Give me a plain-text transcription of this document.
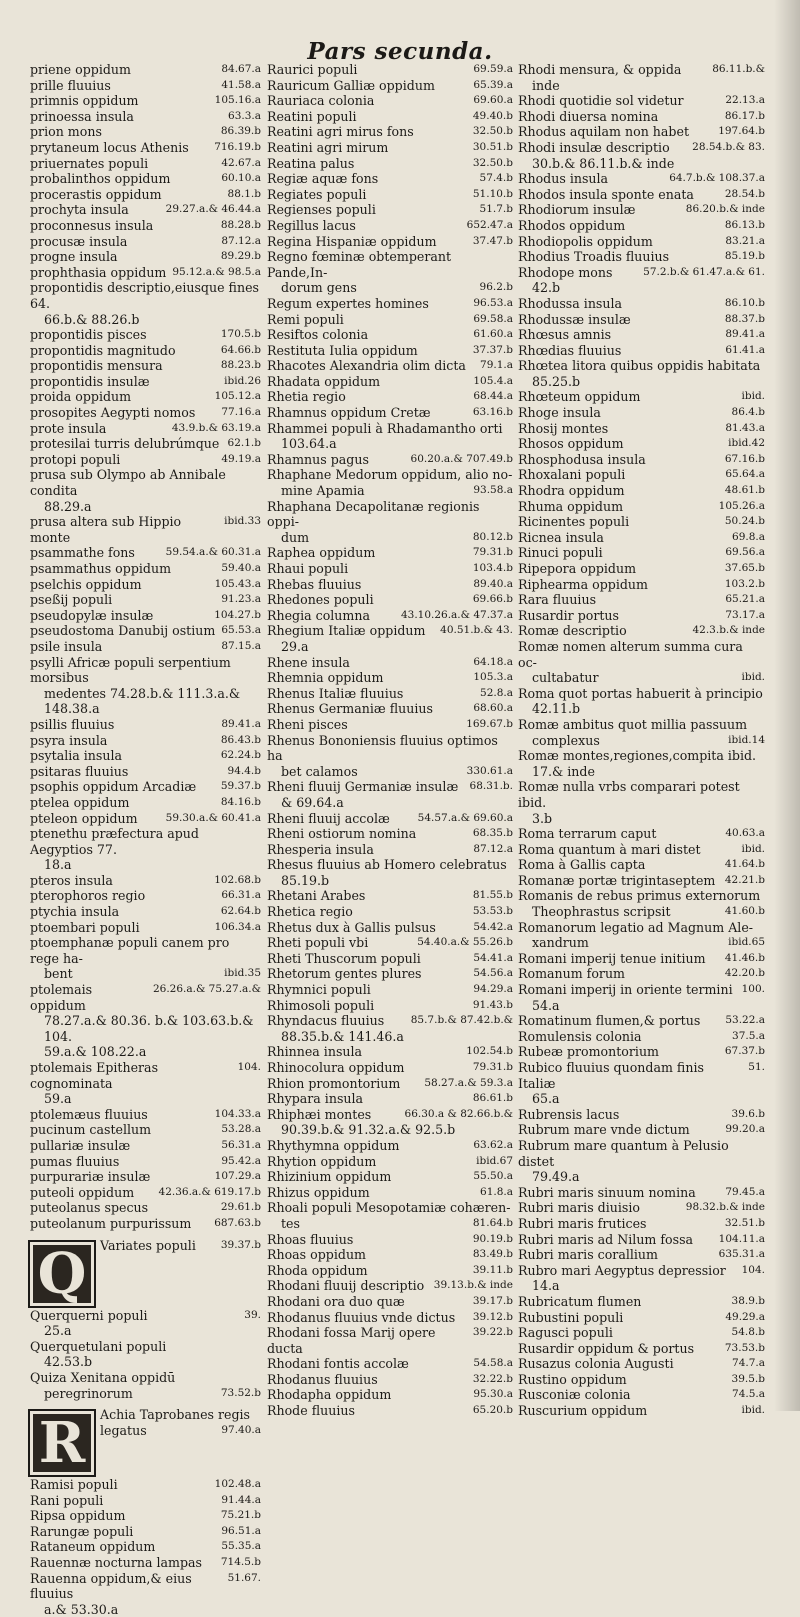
Pars secunda.
84.67.a
priene oppidum
41.58.a
prille fluuius
105.16.a
primnis oppidum
63.3.a
prinoessa insula
86.39.b
prion mons
716.19.b
prytaneum locus Athenis
42.67.a
priuernates populi
60.10.a
probalinthos oppidum
88.1.b
procerastis oppidum
29.27.a.& 46.44.a
prochyta insula
88.28.b
proconnesus insula
87.12.a
procusæ insula
89.29.b
progne insula
95.12.a.& 98.5.a
prophthasia oppidum
propontidis descriptio,eiusque fines 64.
66.b.& 88.26.b
170.5.b
propontidis pisces
64.66.b
propontidis magnitudo
88.23.b
propontidis mensura
ibid.26
propontidis insulæ
105.12.a
proida oppidum
77.16.a
prosopites Aegypti nomos
43.9.b.& 63.19.a
prote insula
62.1.b
protesilai turris delubrúmque
49.19.a
protopi populi
prusa sub Olympo ab Annibale condita
88.29.a
ibid.33
prusa altera sub Hippio monte
59.54.a.& 60.31.a
psammathe fons
59.40.a
psammathus oppidum
105.43.a
pselchis oppidum
91.23.a
pseßij populi
104.27.b
pseudopylæ insulæ
65.53.a
pseudostoma Danubij ostium
87.15.a
psile insula
psylli Africæ populi serpentium morsibus
medentes 74.28.b.& 111.3.a.& 148.38.a
89.41.a
psillis fluuius
86.43.b
psyra insula
62.24.b
psytalia insula
94.4.b
psitaras fluuius
59.37.b
psophis oppidum Arcadiæ
84.16.b
ptelea oppidum
59.30.a.& 60.41.a
pteleon oppidum
ptenethu præfectura apud Aegyptios 77.
18.a
102.68.b
pteros insula
66.31.a
pterophoros regio
62.64.b
ptychia insula
106.34.a
ptoembari populi
ptoemphanæ populi canem pro rege ha-
ibid.35
bent
26.26.a.& 75.27.a.&
ptolemais oppidum
78.27.a.& 80.36. b.& 103.63.b.& 104.
59.a.& 108.22.a
104.
ptolemais Epitheras cognominata
59.a
104.33.a
ptolemæus fluuius
53.28.a
pucinum castellum
56.31.a
pullariæ insulæ
95.42.a
pumas fluuius
107.29.a
purpurariæ insulæ
42.36.a.& 619.17.b
puteoli oppidum
29.61.b
puteolanus specus
687.63.b
puteolanum purpurissum
Q	39.37.b
Variates populi
39.
Querquerni populi
25.a
Querquetulani populi
42.53.b
Quiza Xenitana oppidū
73.52.b
peregrinorum
R	Achia Taprobanes regis
97.40.a
legatus
102.48.a
Ramisi populi
91.44.a
Rani populi
75.21.b
Ripsa oppidum
96.51.a
Rarungæ populi
55.35.a
Rataneum oppidum
714.5.b
Rauennæ nocturna lampas
51.67.
Rauenna oppidum,& eius fluuius
a.& 53.30.a
69.59.a
Raurici populi
65.39.a
Rauricum Galliæ oppidum
69.60.a
Rauriaca colonia
49.40.b
Reatini populi
32.50.b
Reatini agri mirus fons
30.51.b
Reatini agri mirum
32.50.b
Reatina palus
57.4.b
Regiæ aquæ fons
51.10.b
Regiates populi
51.7.b
Regienses populi
652.47.a
Regillus lacus
37.47.b
Regina Hispaniæ oppidum
Regno fœminæ obtemperant Pande,In-
96.2.b
dorum gens
96.53.a
Regum expertes homines
69.58.a
Remi populi
61.60.a
Resiftos colonia
37.37.b
Restituta Iulia oppidum
79.1.a
Rhacotes Alexandria olim dicta
105.4.a
Rhadata oppidum
68.44.a
Rhetia regio
63.16.b
Rhamnus oppidum Cretæ
Rhammei populi à Rhadamantho orti
103.64.a
60.20.a.& 707.49.b
Rhamnus pagus
Rhaphane Medorum oppidum, alio no-
93.58.a
mine Apamia
Rhaphana Decapolitanæ regionis oppi-
80.12.b
dum
79.31.b
Raphea oppidum
103.4.b
Rhaui populi
89.40.a
Rhebas fluuius
69.66.b
Rhedones populi
43.10.26.a.& 47.37.a
Rhegia columna
40.51.b.& 43.
Rhegium Italiæ oppidum
29.a
64.18.a
Rhene insula
105.3.a
Rhemnia oppidum
52.8.a
Rhenus Italiæ fluuius
68.60.a
Rhenus Germaniæ fluuius
169.67.b
Rheni pisces
Rhenus Bononiensis fluuius optimos ha
330.61.a
bet calamos
68.31.b.
Rheni fluuij Germaniæ insulæ
& 69.64.a
54.57.a.& 69.60.a
Rheni fluuij accolæ
68.35.b
Rheni ostiorum nomina
87.12.a
Rhesperia insula
Rhesus fluuius ab Homero celebratus
85.19.b
81.55.b
Rhetani Arabes
53.53.b
Rhetica regio
54.42.a
Rhetus dux à Gallis pulsus
54.40.a.& 55.26.b
Rheti populi vbi
54.41.a
Rheti Thuscorum populi
54.56.a
Rhetorum gentes plures
94.29.a
Rhymnici populi
91.43.b
Rhimosoli populi
85.7.b.& 87.42.b.&
Rhyndacus fluuius
88.35.b.& 141.46.a
102.54.b
Rhinnea insula
79.31.b
Rhinocolura oppidum
58.27.a.& 59.3.a
Rhion promontorium
86.61.b
Rhypara insula
66.30.a & 82.66.b.&
Rhiphæi montes
90.39.b.& 91.32.a.& 92.5.b
63.62.a
Rhythymna oppidum
ibid.67
Rhytion oppidum
55.50.a
Rhizinium oppidum
61.8.a
Rhizus oppidum
Rhoali populi Mesopotamiæ cohæren-
81.64.b
tes
90.19.b
Rhoas fluuius
83.49.b
Rhoas oppidum
39.11.b
Rhoda oppidum
39.13.b.& inde
Rhodani fluuij descriptio
39.17.b
Rhodani ora duo quæ
39.12.b
Rhodanus fluuius vnde dictus
39.22.b
Rhodani fossa Marij opere ducta
54.58.a
Rhodani fontis accolæ
32.22.b
Rhodanus fluuius
95.30.a
Rhodapha oppidum
65.20.b
Rhode fluuius
86.11.b.&
Rhodi mensura, & oppida
inde
22.13.a
Rhodi quotidie sol videtur
86.17.b
Rhodi diuersa nomina
197.64.b
Rhodus aquilam non habet
28.54.b.& 83.
Rhodi insulæ descriptio
30.b.& 86.11.b.& inde
64.7.b.& 108.37.a
Rhodus insula
28.54.b
Rhodos insula sponte enata
86.20.b.& inde
Rhodiorum insulæ
86.13.b
Rhodos oppidum
83.21.a
Rhodiopolis oppidum
85.19.b
Rhodius Troadis fluuius
57.2.b.& 61.47.a.& 61.
Rhodope mons
42.b
86.10.b
Rhodussa insula
88.37.b
Rhodussæ insulæ
89.41.a
Rhœsus amnis
61.41.a
Rhœdias fluuius
Rhœtea litora quibus oppidis habitata
85.25.b
ibid.
Rhœteum oppidum
86.4.b
Rhoge insula
81.43.a
Rhosij montes
ibid.42
Rhosos oppidum
67.16.b
Rhosphodusa insula
65.64.a
Rhoxalani populi
48.61.b
Rhodra oppidum
105.26.a
Rhuma oppidum
50.24.b
Ricinentes populi
69.8.a
Ricnea insula
69.56.a
Rinuci populi
37.65.b
Ripepora oppidum
103.2.b
Riphearma oppidum
65.21.a
Rara fluuius
73.17.a
Rusardir portus
42.3.b.& inde
Romæ descriptio
Romæ nomen alterum summa cura oc-
ibid.
cultabatur
Roma quot portas habuerit à principio
42.11.b
Romæ ambitus quot millia passuum
ibid.14
complexus
Romæ montes,regiones,compita ibid.
17.& inde
Romæ nulla vrbs comparari potest ibid.
3.b
40.63.a
Roma terrarum caput
ibid.
Roma quantum à mari distet
41.64.b
Roma à Gallis capta
42.21.b
Romanæ portæ trigintaseptem
Romanis de rebus primus externorum
41.60.b
Theophrastus scripsit
Romanorum legatio ad Magnum Ale-
ibid.65
xandrum
41.46.b
Romani imperij tenue initium
42.20.b
Romanum forum
100.
Romani imperij in oriente termini
54.a
53.22.a
Romatinum flumen,& portus
37.5.a
Romulensis colonia
67.37.b
Rubeæ promontorium
51.
Rubico fluuius quondam finis Italiæ
65.a
39.6.b
Rubrensis lacus
99.20.a
Rubrum mare vnde dictum
Rubrum mare quantum à Pelusio distet
79.49.a
79.45.a
Rubri maris sinuum nomina
98.32.b.& inde
Rubri maris diuisio
32.51.b
Rubri maris frutices
104.11.a
Rubri maris ad Nilum fossa
635.31.a
Rubri maris corallium
104.
Rubro mari Aegyptus depressior
14.a
38.9.b
Rubricatum flumen
49.29.a
Rubustini populi
54.8.b
Ragusci populi
73.53.b
Rusardir oppidum & portus
74.7.a
Rusazus colonia Augusti
39.5.b
Rustino oppidum
74.5.a
Rusconiæ colonia
ibid.
Ruscurium oppidum
